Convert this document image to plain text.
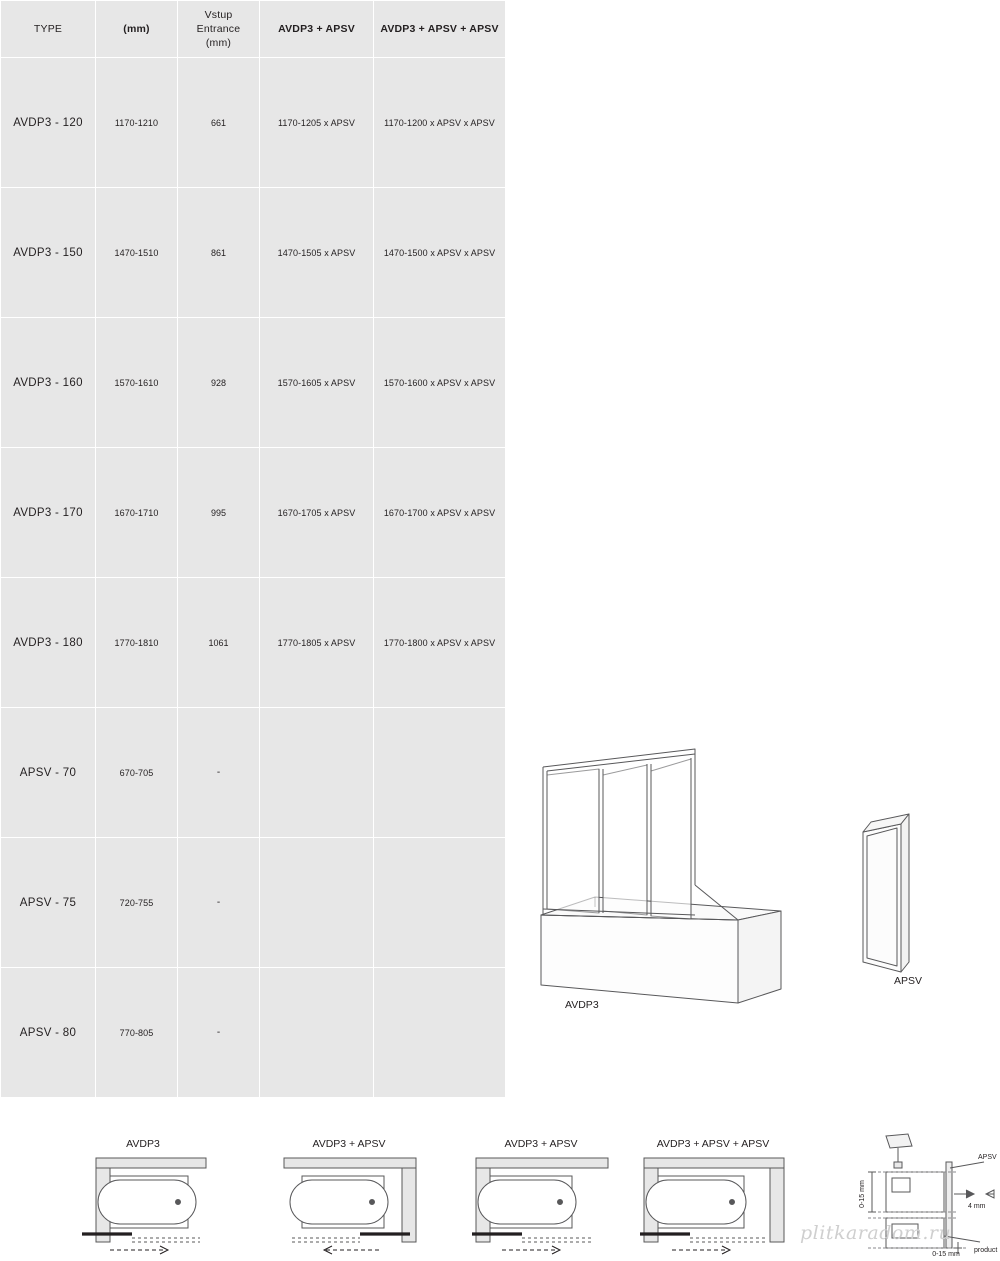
TYPE	(mm)	Vstup
Entrance
(mm)	AVDP3 + APSV	AVDP3 + APSV + APSV
AVDP3 - 120	1170-1210	661	1170-1205 x APSV	1170-1200 x APSV x APSV
AVDP3 - 150	1470-1510	861	1470-1505 x APSV	1470-1500 x APSV x APSV
AVDP3 - 160	1570-1610	928	1570-1605 x APSV	1570-1600 x APSV x APSV
AVDP3 - 170	1670-1710	995	1670-1705 x APSV	1670-1700 x APSV x APSV
AVDP3 - 180	1770-1810	1061	1770-1805 x APSV	1770-1800 x APSV x APSV
APSV - 70	670-705	-		
APSV - 75	720-755	-		
APSV - 80	770-805	-		
AVDP3
APSV
AVDP3	AVDP3 + APSV	AVDP3 + APSV	AVDP3 + APSV + APSV
APSV
4 mm
product
0-15 mm
0-15 mm
plitkaradom.ru
